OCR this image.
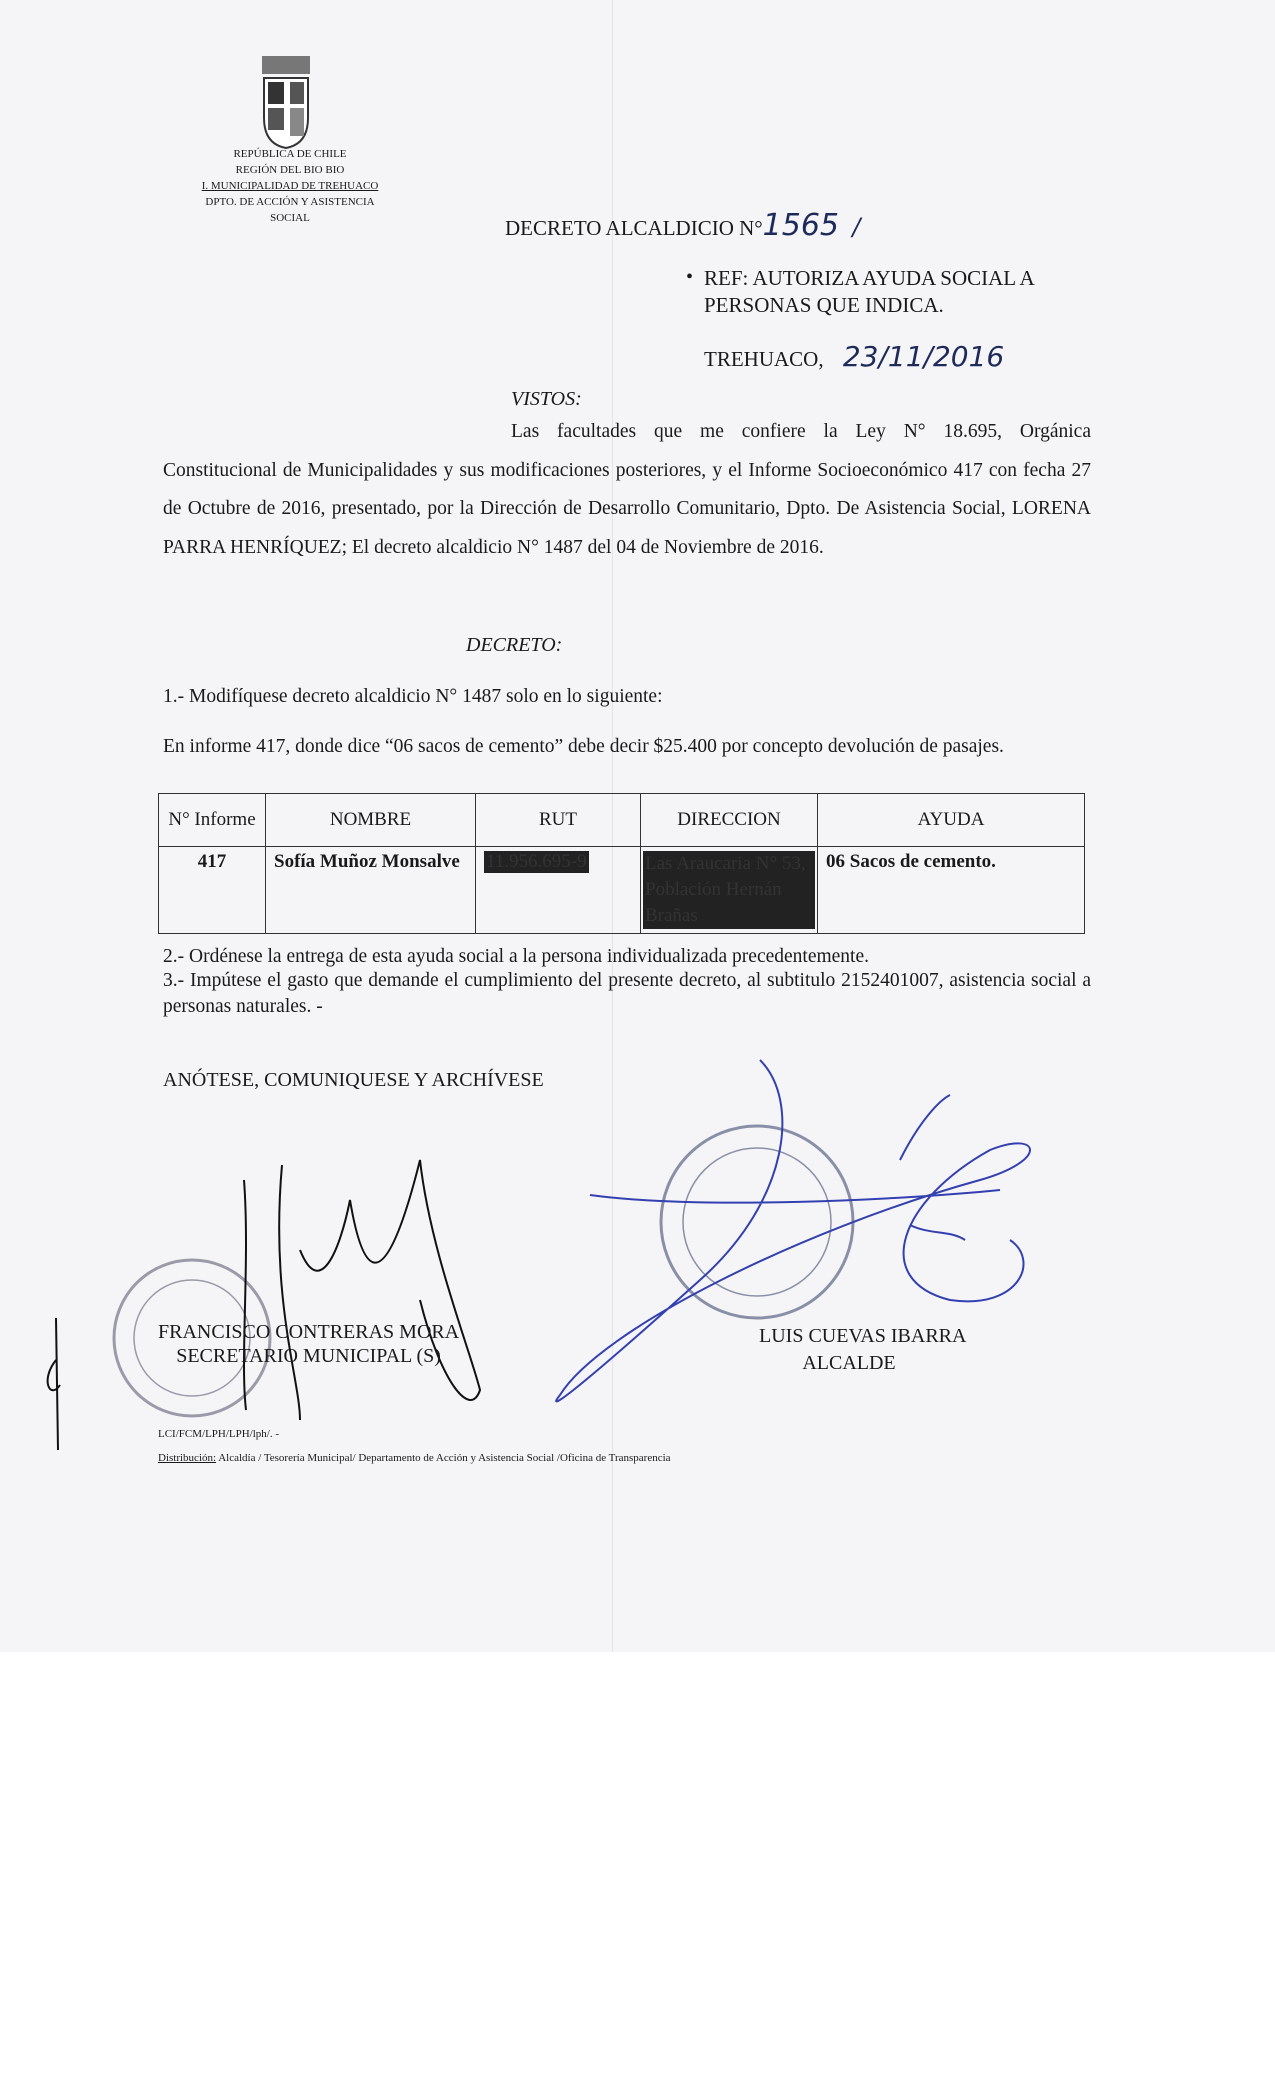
REPÚBLICA DE CHILE
REGIÓN DEL BIO BIO
I. MUNICIPALIDAD DE TREHUACO
DPTO. DE ACCIÓN Y ASISTENCIA SOCIAL	DECRETO ALCALDICIO N°1565 /
• REF: AUTORIZA AYUDA SOCIAL A
PERSONAS QUE INDICA.
TREHUACO, 23/11/2016
VISTOS:
Las facultades que me confiere la Ley N° 18.695, Orgánica Constitucional de Municipalidades y sus modificaciones posteriores, y el Informe Socioeconómico 417 con fecha 27 de Octubre de 2016, presentado, por la Dirección de Desarrollo Comunitario, Dpto. De Asistencia Social, LORENA PARRA HENRÍQUEZ; El decreto alcaldicio N° 1487 del 04 de Noviembre de 2016.
DECRETO:
1.- Modifíquese decreto alcaldicio N° 1487 solo en lo siguiente:
En informe 417, donde dice “06 sacos de cemento” debe decir $25.400 por concepto devolución de pasajes.
N° Informe	NOMBRE	RUT	DIRECCION	AYUDA
417	Sofía Muñoz Monsalve	11.956.695-9	Las Araucaria N° 53, Población Hernán Brañas	06 Sacos de cemento.
2.- Ordénese la entrega de esta ayuda social a la persona individualizada precedentemente.
3.- Impútese el gasto que demande el cumplimiento del presente decreto, al subtitulo 2152401007, asistencia social a personas naturales. -
ANÓTESE, COMUNIQUESE Y ARCHÍVESE
FRANCISCO CONTRERAS MORA
SECRETARIO MUNICIPAL (S)
LUIS CUEVAS IBARRA
ALCALDE
LCI/FCM/LPH/LPH/lph/. -
Distribución: Alcaldía / Tesorería Municipal/ Departamento de Acción y Asistencia Social /Oficina de Transparencia
